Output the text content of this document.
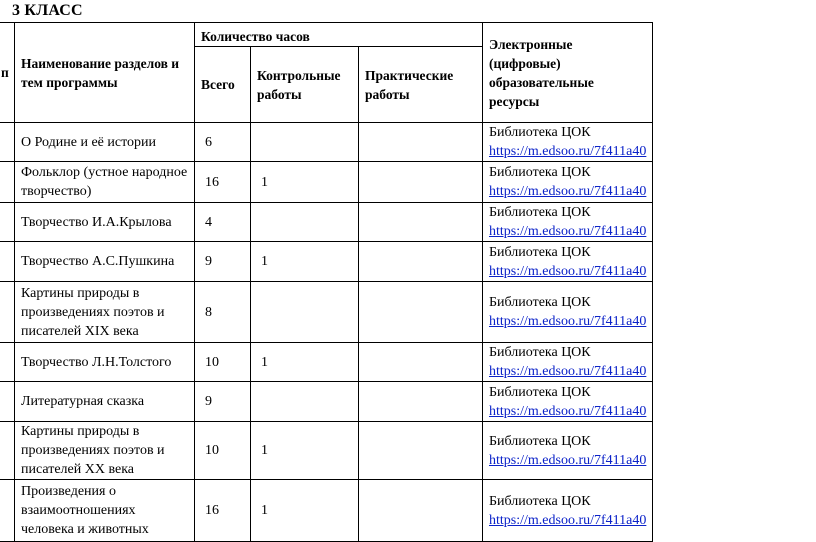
3 КЛАСС
п	Наименование разделов и тем программы	Количество часов			Электронные (цифровые) образовательные ресурсы
		Всего	Контрольные работы	Практические работы	
	О Родине и её истории	6			Библиотека ЦОК
https://m.edsoo.ru/7f411a40

	Фольклор (устное народное творчество)	16	1		Библиотека ЦОК
https://m.edsoo.ru/7f411a40

	Творчество И.А.Крылова	4			Библиотека ЦОК
https://m.edsoo.ru/7f411a40

	Творчество А.С.Пушкина	9	1		Библиотека ЦОК
https://m.edsoo.ru/7f411a40

	Картины природы в произведениях поэтов и писателей XIX века	8			Библиотека ЦОК
https://m.edsoo.ru/7f411a40

	Творчество Л.Н.Толстого	10	1		Библиотека ЦОК
https://m.edsoo.ru/7f411a40

	Литературная сказка	9			Библиотека ЦОК
https://m.edsoo.ru/7f411a40

	Картины природы в произведениях поэтов и писателей XX века	10	1		Библиотека ЦОК
https://m.edsoo.ru/7f411a40

	Произведения о взаимоотношениях человека и животных	16	1		Библиотека ЦОК
https://m.edsoo.ru/7f411a40
